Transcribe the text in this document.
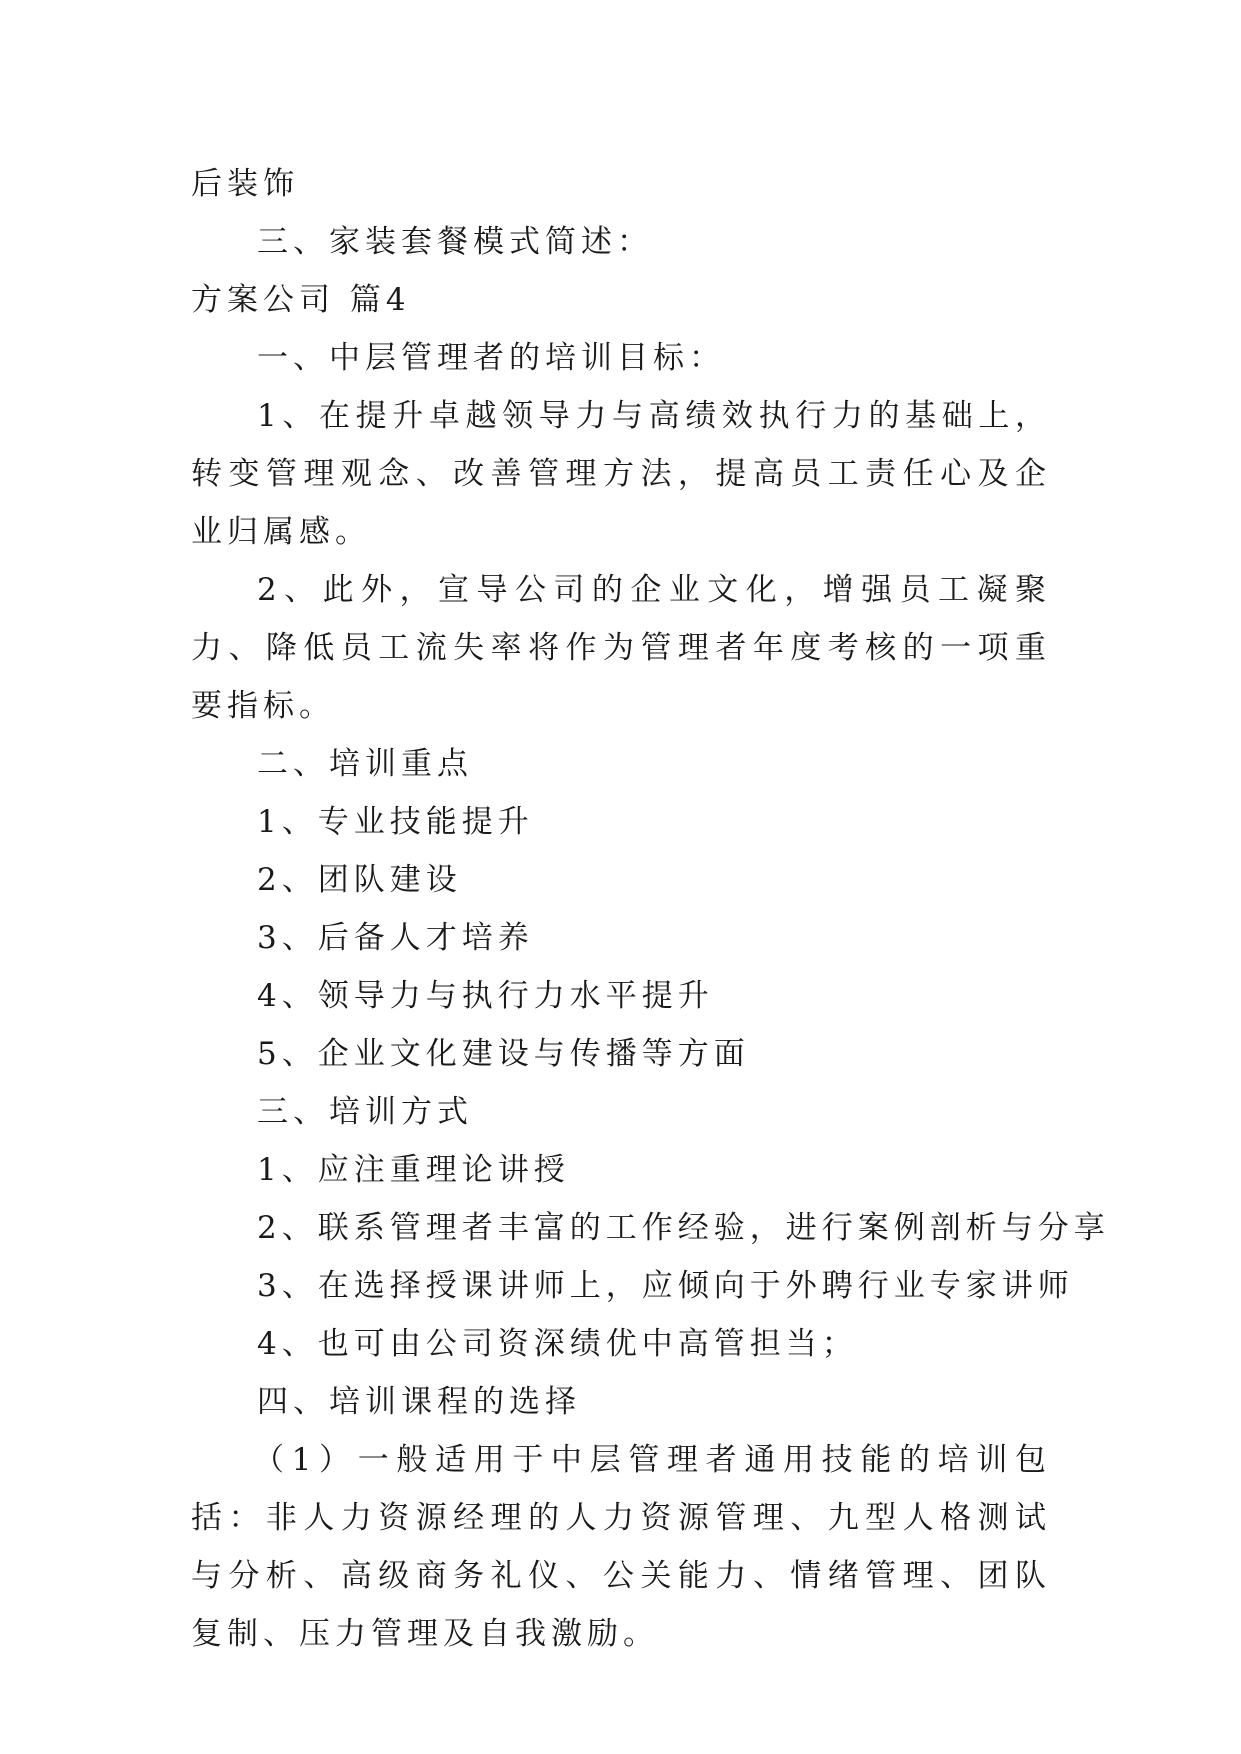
后装饰

三、家装套餐模式简述：

方案公司 篇4

一、中层管理者的培训目标：

1、在提升卓越领导力与高绩效执行力的基础上，转变管理观念、改善管理方法，提高员工责任心及企业归属感。

2、此外，宣导公司的企业文化，增强员工凝聚力、降低员工流失率将作为管理者年度考核的一项重要指标。

二、培训重点

1、专业技能提升

2、团队建设

3、后备人才培养

4、领导力与执行力水平提升

5、企业文化建设与传播等方面

三、培训方式

1、应注重理论讲授

2、联系管理者丰富的工作经验，进行案例剖析与分享

3、在选择授课讲师上，应倾向于外聘行业专家讲师

4、也可由公司资深绩优中高管担当；

四、培训课程的选择

（1）一般适用于中层管理者通用技能的培训包括：非人力资源经理的人力资源管理、九型人格测试与分析、高级商务礼仪、公关能力、情绪管理、团队复制、压力管理及自我激励。
